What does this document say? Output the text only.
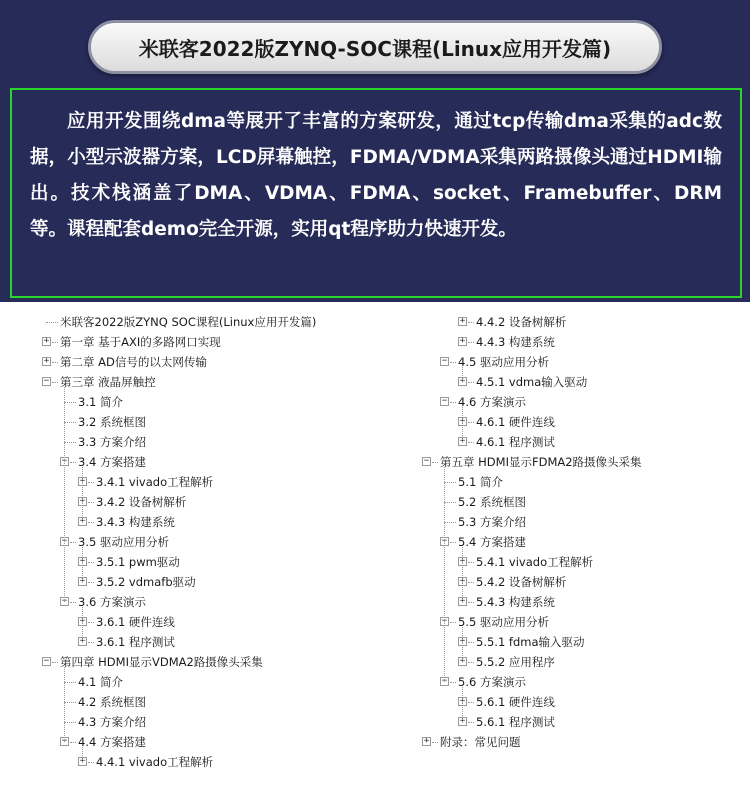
米联客2022版ZYNQ-SOC课程(Linux应用开发篇)

应用开发围绕dma等展开了丰富的方案研发，通过tcp传输dma采集的adc数据，小型示波器方案，LCD屏幕触控，FDMA/VDMA采集两路摄像头通过HDMI输出。技术栈涵盖了DMA、VDMA、FDMA、socket、Framebuffer、DRM等。课程配套demo完全开源，实用qt程序助力快速开发。

米联客2022版ZYNQ SOC课程(Linux应用开发篇)
+ 第一章 基于AXI的多路网口实现
+ 第二章 AD信号的以太网传输
− 第三章 液晶屏触控
3.1 简介
3.2 系统框图
3.3 方案介绍
− 3.4 方案搭建
+ 3.4.1 vivado工程解析
+ 3.4.2 设备树解析
+ 3.4.3 构建系统
− 3.5 驱动应用分析
+ 3.5.1 pwm驱动
+ 3.5.2 vdmafb驱动
− 3.6 方案演示
+ 3.6.1 硬件连线
+ 3.6.1 程序测试
− 第四章 HDMI显示VDMA2路摄像头采集
4.1 简介
4.2 系统框图
4.3 方案介绍
− 4.4 方案搭建
+ 4.4.1 vivado工程解析
+ 4.4.2 设备树解析
+ 4.4.3 构建系统
− 4.5 驱动应用分析
+ 4.5.1 vdma输入驱动
− 4.6 方案演示
+ 4.6.1 硬件连线
+ 4.6.1 程序测试
− 第五章 HDMI显示FDMA2路摄像头采集
5.1 简介
5.2 系统框图
5.3 方案介绍
− 5.4 方案搭建
+ 5.4.1 vivado工程解析
+ 5.4.2 设备树解析
+ 5.4.3 构建系统
− 5.5 驱动应用分析
+ 5.5.1 fdma输入驱动
+ 5.5.2 应用程序
− 5.6 方案演示
+ 5.6.1 硬件连线
+ 5.6.1 程序测试
+ 附录：常见问题
